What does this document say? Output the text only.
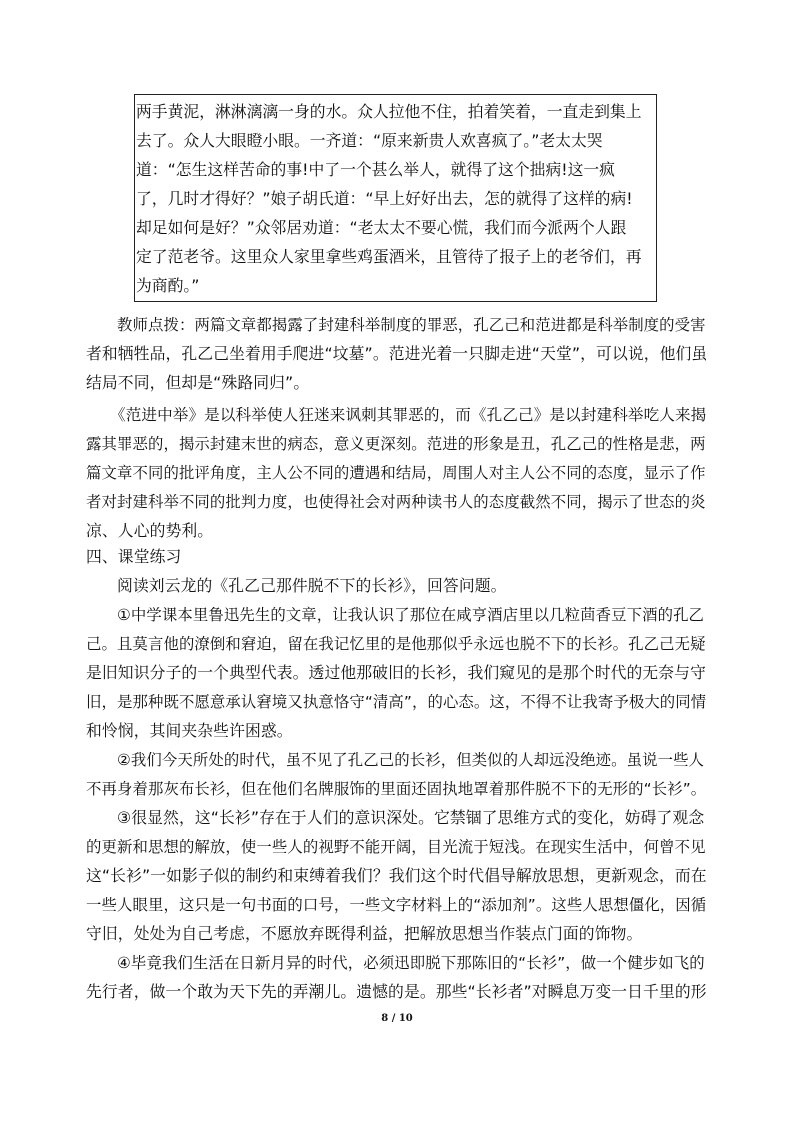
两手黄泥，淋淋漓漓一身的水。众人拉他不住，拍着笑着，一直走到集上
去了。众人大眼瞪小眼。一齐道：“原来新贵人欢喜疯了。”老太太哭
道：“怎生这样苦命的事!中了一个甚么举人，就得了这个拙病!这一疯
了，几时才得好？”娘子胡氏道：“早上好好出去，怎的就得了这样的病!
却足如何是好？”众邻居劝道：“老太太不要心慌，我们而今派两个人跟
定了范老爷。这里众人家里拿些鸡蛋酒米，且管待了报子上的老爷们，再
为商酌。”
教师点拨：两篇文章都揭露了封建科举制度的罪恶，孔乙己和范进都是科举制度的受害
者和牺牲品，孔乙己坐着用手爬进“坟墓”。范进光着一只脚走进“天堂”，可以说，他们虽
结局不同，但却是“殊路同归”。
《范进中举》是以科举使人狂迷来讽刺其罪恶的，而《孔乙己》是以封建科举吃人来揭
露其罪恶的，揭示封建末世的病态，意义更深刻。范进的形象是丑，孔乙己的性格是悲，两
篇文章不同的批评角度，主人公不同的遭遇和结局，周围人对主人公不同的态度，显示了作
者对封建科举不同的批判力度，也使得社会对两种读书人的态度截然不同，揭示了世态的炎
凉、人心的势利。
四、课堂练习
阅读刘云龙的《孔乙己那件脱不下的长衫》，回答问题。
①中学课本里鲁迅先生的文章，让我认识了那位在咸亨酒店里以几粒茴香豆下酒的孔乙
己。且莫言他的潦倒和窘迫，留在我记忆里的是他那似乎永远也脱不下的长衫。孔乙己无疑
是旧知识分子的一个典型代表。透过他那破旧的长衫，我们窥见的是那个时代的无奈与守
旧，是那种既不愿意承认窘境又执意恪守“清高”，的心态。这，不得不让我寄予极大的同情
和怜悯，其间夹杂些许困惑。
②我们今天所处的时代，虽不见了孔乙己的长衫，但类似的人却远没绝迹。虽说一些人
不再身着那灰布长衫，但在他们名牌服饰的里面还固执地罩着那件脱不下的无形的“长衫”。
③很显然，这“长衫”存在于人们的意识深处。它禁锢了思维方式的变化，妨碍了观念
的更新和思想的解放，使一些人的视野不能开阔，目光流于短浅。在现实生活中，何曾不见
这“长衫”一如影子似的制约和束缚着我们？我们这个时代倡导解放思想，更新观念，而在
一些人眼里，这只是一句书面的口号，一些文字材料上的“添加剂”。这些人思想僵化，因循
守旧，处处为自己考虑，不愿放弃既得利益，把解放思想当作装点门面的饰物。
④毕竟我们生活在日新月异的时代，必须迅即脱下那陈旧的“长衫”，做一个健步如飞的
先行者，做一个敢为天下先的弄潮儿。遗憾的是。那些“长衫者”对瞬息万变一日千里的形
8 / 10
